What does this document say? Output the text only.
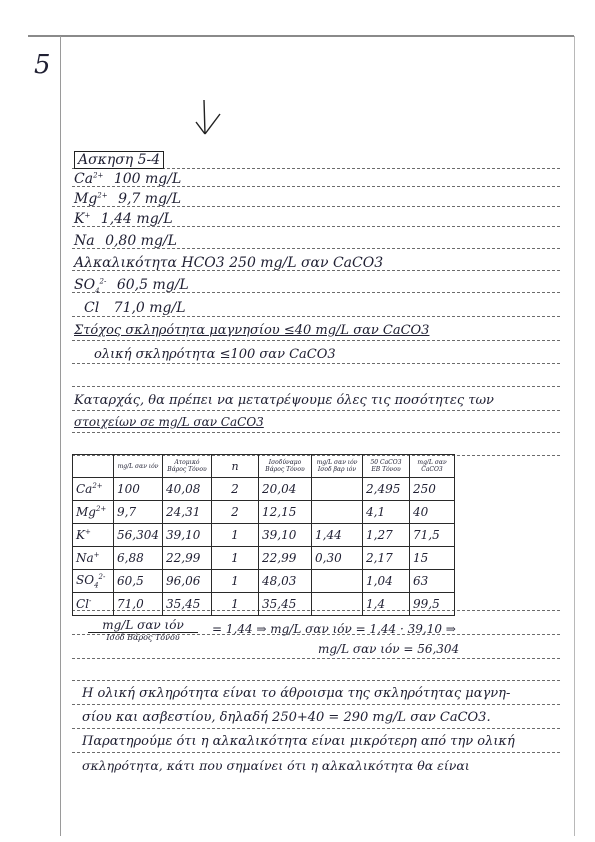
5
Ασκηση 5-4
$Ca^{2+}$ 100 mg/L
$Mg^{2+}$ 9,7 mg/L
K+ 1,44 mg/L
Na 0,80 mg/L
Αλκαλικότητα HCO3 250 mg/L σαν CaCO3
$SO_4^{2-}$ 60,5 mg/L
Cl 71,0 mg/L
Στόχος σκληρότητα μαγνησίου ≤40 mg/L σαν CaCO3
ολική σκληρότητα ≤100 σαν CaCO3
Καταρχάς, θα πρέπει να μετατρέψουμε όλες τις ποσότητες των
στοιχείων σε mg/L σαν CaCO3
	mg/L σαν ιόν	Ατομικό Βάρος Τόνου	n	Ισοδύναμο Βάρος Τόνου	mg/L σαν ιόν Ισοδ βαρ ιόν	50 CaCO3 EB Τόνου	mg/L σαν CaCO3
$Ca^{2+}$	100	40,08	2	20,04		2,495	250
$Mg^{2+}$	9,7	24,31	2	12,15		4,1	40
K+	56,304	39,10	1	39,10	1,44	1,27	71,5
Na+	6,88	22,99	1	22,99	0,30	2,17	15
$SO_4^{2-}$	60,5	96,06	1	48,03		1,04	63
Cl-	71,0	35,45	1	35,45		1,4	99,5
mg/L σαν ιόν
Ισοδ Βάρος Τόνου
= 1,44 ⇒ mg/L σαν ιόν = 1,44 · 39,10 ⇒
mg/L σαν ιόν = 56,304
Η ολική σκληρότητα είναι το άθροισμα της σκληρότητας μαγνη-
σίου και ασβεστίου, δηλαδή 250+40 = 290 mg/L σαν CaCO3.
Παρατηρούμε ότι η αλκαλικότητα είναι μικρότερη από την ολική
σκληρότητα, κάτι που σημαίνει ότι η αλκαλικότητα θα είναι
